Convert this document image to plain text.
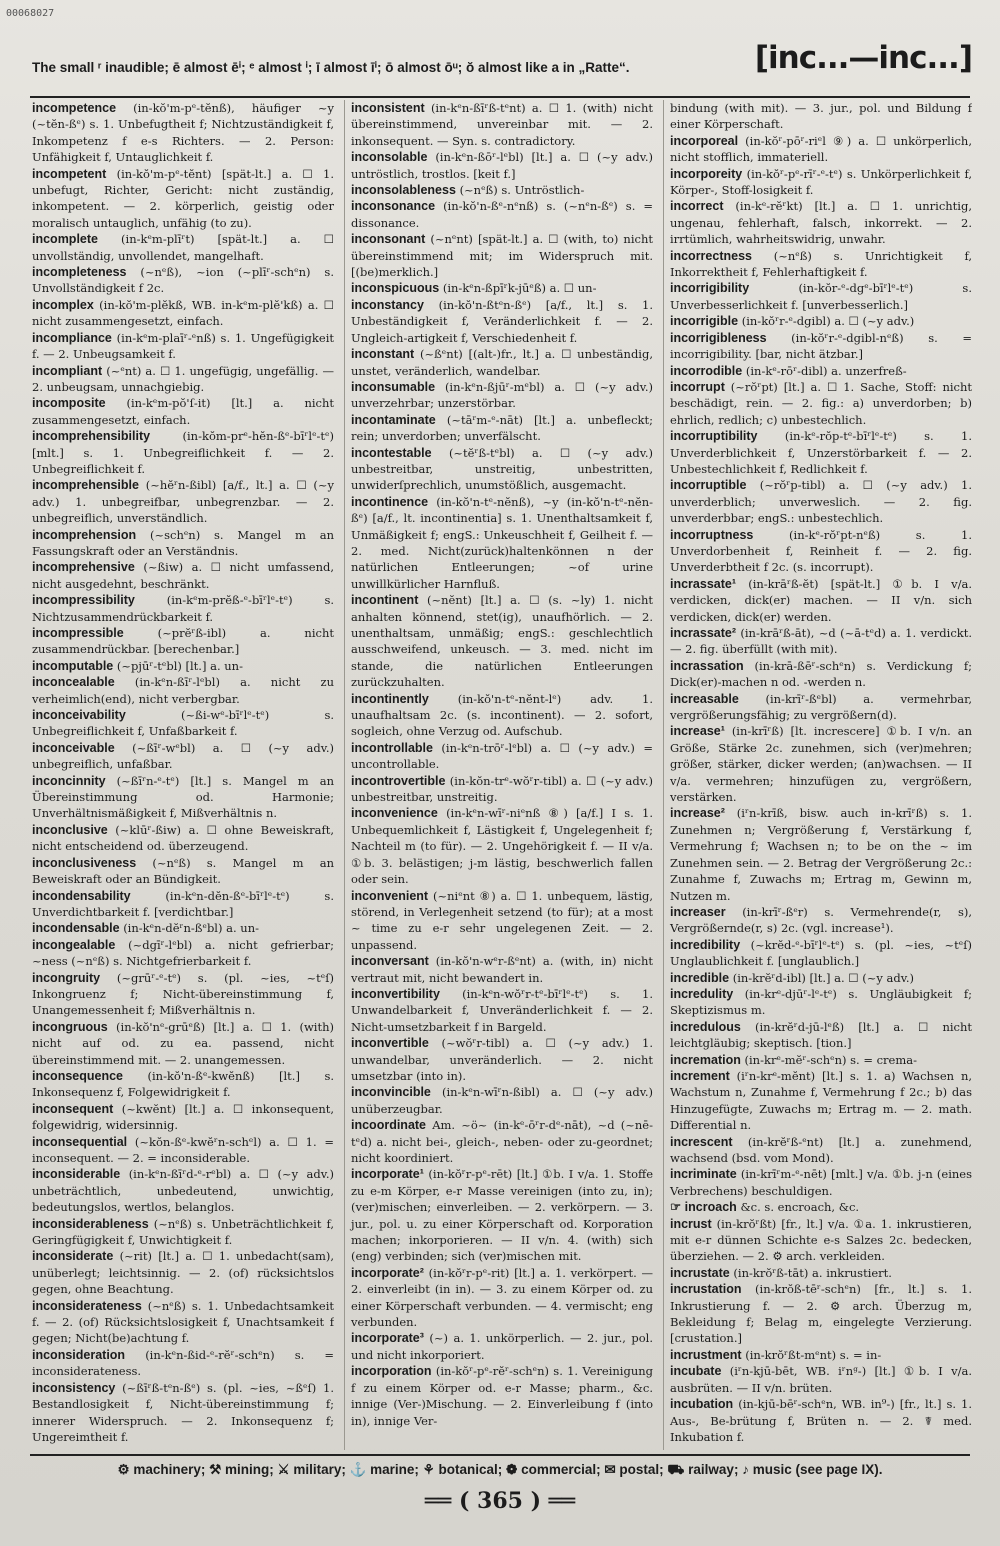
00068027
The small ʳ inaudible; ē almost ēⁱ; ᵉ almost ⁱ; ī almost īⁱ; ō almost ōᵘ; ŏ almost like a in „Ratte“.	[inc...—inc...]

incompetence (in-kŏ'm-pᵉ-tĕnß), häufiger ~y (~tĕn-ßᵉ) s. 1. Unbefugtheit f; Nichtzuständigkeit f, Inkompetenz f e-s Richters. — 2. Person: Unfähigkeit f, Untauglichkeit f.

incompetent (in-kŏ'm-pᵉ-tĕnt) [spät-lt.] a. ☐ 1. unbefugt, Richter, Gericht: nicht zuständig, inkompetent. — 2. körperlich, geistig oder moralisch untauglich, unfähig (to zu).

incomplete (in-kᵉm-plīʳt) [spät-lt.] a. ☐ unvollständig, unvollendet, mangelhaft.

incompleteness (~nᵉß), ~ion (~plīʳ-schᵉn) s. Unvollständigkeit f 2c.

incomplex (in-kŏ'm-plĕkß, WB. in-kᵉm-plĕ'kß) a. ☐ nicht zusammengesetzt, einfach.

incompliance (in-kᵉm-plaīʳ-ᵉnß) s. 1. Ungefügigkeit f. — 2. Unbeugsamkeit f.

incompliant (~ᵉnt) a. ☐ 1. ungefügig, ungefällig. — 2. unbeugsam, unnachgiebig.

incomposite (in-kᵉm-pŏ'ſ-it) [lt.] a. nicht zusammengesetzt, einfach.

incomprehensibility	(in-kŏm-prᵉ-hĕn-ßᵉ-bīʳlᵉ-tᵉ) [mlt.] s. 1. Unbegreiflichkeit f. — 2. Unbegreiflichkeit f.

incomprehensible (~hĕʳn-ßibl) [a/f., lt.] a. ☐ (~y adv.) 1. unbegreifbar, unbegrenzbar. — 2. unbegreiflich, unverständlich.

incomprehension (~schᵉn) s. Mangel m an Fassungskraft oder an Verständnis.

incomprehensive (~ßiw) a. ☐ nicht umfassend, nicht ausgedehnt, beschränkt.

incompressibility	(in-kᵉm-prĕß-ᵉ-bīʳlᵉ-tᵉ) s. Nichtzusammendrückbarkeit f.

incompressible	(~prĕʳß-ibl) a. nicht zusammendrückbar. [berechenbar.]

incomputable (~pjūʳ-tᵉbl) [lt.] a. un-

inconcealable (in-kᵉn-ßīʳ-lᵉbl) a. nicht zu verheimlich(end), nicht verbergbar.

inconceivability	(~ßi-wᵉ-bīʳlᵉ-tᵉ) s. Unbegreiflichkeit f, Unfaßbarkeit f.

inconceivable (~ßīʳ-wᵉbl) a. ☐ (~y adv.) unbegreiflich, unfaßbar.

inconcinnity (~ßīʳn-ᵉ-tᵉ) [lt.] s. Mangel m an Übereinstimmung od. Harmonie; Unverhältnismäßigkeit f, Mißverhältnis n.

inconclusive (~klūʳ-ßiw) a. ☐ ohne Beweiskraft, nicht entscheidend od. überzeugend.

inconclusiveness (~nᵉß) s. Mangel m an Beweiskraft oder an Bündigkeit.

incondensability	(in-kᵉn-dĕn-ßᵉ-bīʳlᵉ-tᵉ) s. Unverdichtbarkeit f. [verdichtbar.]

incondensable (in-kᵉn-dĕʳn-ßᵉbl) a. un-

incongealable (~dgīʳ-lᵉbl) a. nicht gefrierbar; ~ness (~nᵉß) s. Nichtgefrierbarkeit f.

incongruity (~grūʳ-ᵉ-tᵉ) s. (pl. ~ies, ~tᵉſ) Inkongruenz f; Nicht-übereinstimmung f, Unangemessenheit f; Mißverhältnis n.

incongruous (in-kŏ'nᵉ-grūᵉß) [lt.] a. ☐ 1. (with) nicht auf od. zu ea. passend, nicht übereinstimmend mit. — 2. unangemessen.

inconsequence (in-kŏ'n-ßᵉ-kwĕnß) [lt.] s. Inkonsequenz f, Folgewidrigkeit f.

inconsequent (~kwĕnt) [lt.] a. ☐ inkonsequent, folgewidrig, widersinnig.

inconsequential (~kŏn-ßᵉ-kwĕʳn-schᵉl) a. ☐ 1. = inconsequent. — 2. = inconsiderable.

inconsiderable (in-kᵉn-ßīʳd-ᵉ-rᵉbl) a. ☐ (~y adv.) unbeträchtlich, unbedeutend, unwichtig, bedeutungslos, wertlos, belanglos.

inconsiderableness (~nᵉß) s. Unbeträchtlichkeit f, Geringfügigkeit f, Unwichtigkeit f.

inconsiderate (~rit) [lt.] a. ☐ 1. unbedacht(sam), unüberlegt; leichtsinnig. — 2. (of) rücksichtslos gegen, ohne Beachtung.

inconsiderateness (~nᵉß) s. 1. Unbedachtsamkeit f. — 2. (of) Rücksichtslosigkeit f, Unachtsamkeit f gegen; Nicht(be)achtung f.

inconsideration (in-kᵉn-ßid-ᵉ-rĕʳ-schᵉn) s. = inconsiderateness.

inconsistency (~ßīʳß-tᵉn-ßᵉ) s. (pl. ~ies, ~ßᵉſ) 1. Bestandlosigkeit f, Nicht-übereinstimmung f; innerer Widerspruch. — 2. Inkonsequenz f; Ungereimtheit f.

inconsistent (in-kᵉn-ßīʳß-tᵉnt) a. ☐ 1. (with) nicht übereinstimmend, unvereinbar mit. — 2. inkonsequent. — Syn. s. contradictory.

inconsolable (in-kᵉn-ßōʳ-lᵉbl) [lt.] a. ☐ (~y adv.) untröstlich, trostlos. [keit f.]

inconsolableness (~nᵉß) s. Untröstlich-

inconsonance (in-kŏ'n-ßᵉ-nᵉnß) s. (~nᵉn-ßᵉ) s. = dissonance.

inconsonant (~nᵉnt) [spät-lt.] a. ☐ (with, to) nicht übereinstimmend mit; im Widerspruch mit. [(be)merklich.]

inconspicuous (in-kᵉn-ßpīʳk-jūᵉß) a. ☐ un-

inconstancy (in-kŏ'n-ßtᵉn-ßᵉ) [a/f., lt.] s. 1. Unbeständigkeit f, Veränderlichkeit f. — 2. Ungleich-artigkeit f, Verschiedenheit f.

inconstant (~ßᵉnt) [(alt-)fr., lt.] a. ☐ unbeständig, unstet, veränderlich, wandelbar.

inconsumable (in-kᵉn-ßjūʳ-mᵉbl) a. ☐ (~y adv.) unverzehrbar; unzerstörbar.

incontaminate (~tāʳm-ᵉ-nāt) [lt.] a. unbefleckt; rein; unverdorben; unverfälscht.

incontestable (~tĕʳß-tᵉbl) a. ☐ (~y adv.) unbestreitbar, unstreitig, unbestritten, unwiderſprechlich, unumstößlich, ausgemacht.

incontinence (in-kŏ'n-tᵉ-nĕnß), ~y (in-kŏ'n-tᵉ-nĕn-ßᵉ) [a/f., lt. incontinentia] s. 1. Unenthaltsamkeit f, Unmäßigkeit f; engS.: Unkeuschheit f, Geilheit f. — 2. med. Nicht(zurück)haltenkönnen n der natürlichen Entleerungen; ~of urine unwillkürlicher Harnfluß.

incontinent (~nĕnt) [lt.] a. ☐ (s. ~ly) 1. nicht anhalten könnend, stet(ig), unaufhörlich. — 2. unenthaltsam, unmäßig; engS.: geschlechtlich ausschweifend, unkeusch. — 3. med. nicht im stande, die natürlichen Entleerungen zurückzuhalten.

incontinently	(in-kŏ'n-tᵉ-nĕnt-lᵉ) adv. 1. unaufhaltsam 2c. (s. incontinent). — 2. sofort, sogleich, ohne Verzug od. Aufschub.

incontrollable (in-kᵉn-trōʳ-lᵉbl) a. ☐ (~y adv.) = uncontrollable.

incontrovertible (in-kŏn-trᵉ-wŏʳr-tibl) a. ☐ (~y adv.) unbestreitbar, unstreitig.

inconvenience (in-kᵉn-wīʳ-niᵉnß ⑧) [a/f.] I s. 1. Unbequemlichkeit f, Lästigkeit f, Ungelegenheit f; Nachteil m (to für). — 2. Ungehörigkeit f. — II v/a. ①b. 3. belästigen; j-m lästig, beschwerlich fallen oder sein.

inconvenient (~niᵉnt ⑧) a. ☐ 1. unbequem, lästig, störend, in Verlegenheit setzend (to für); at a most ~ time zu e-r sehr ungelegenen Zeit. — 2. unpassend.

inconversant (in-kŏ'n-wᵉr-ßᵉnt) a. (with, in) nicht vertraut mit, nicht bewandert in.

inconvertibility (in-kᵉn-wŏʳr-tᵉ-bīʳlᵉ-tᵉ) s. 1. Unwandelbarkeit f, Unveränderlichkeit f. — 2. Nicht-umsetzbarkeit f in Bargeld.

inconvertible (~wŏʳr-tibl) a. ☐ (~y adv.) 1. unwandelbar, unveränderlich. — 2. nicht umsetzbar (into in).

inconvincible (in-kᵉn-wīʳn-ßibl) a. ☐ (~y adv.) unüberzeugbar.

incoordinate Am. ~ö~ (in-kᵉ-ōʳr-dᵉ-nāt), ~d (~nē-tᵉd) a. nicht bei-, gleich-, neben- oder zu-geordnet; nicht koordiniert.

incorporate¹ (in-kŏʳr-pᵉ-rēt) [lt.] ①b. I v/a. 1. Stoffe zu e-m Körper, e-r Masse vereinigen (into zu, in); (ver)mischen; einverleiben. — 2. verkörpern. — 3. jur., pol. u. zu einer Körperschaft od. Korporation machen; inkorporieren. — II v/n. 4. (with) sich (eng) verbinden; sich (ver)mischen mit.

incorporate² (in-kŏʳr-pᵉ-rit) [lt.] a. 1. verkörpert. — 2. einverleibt (in in). — 3. zu einem Körper od. zu einer Körperschaft verbunden. — 4. vermischt; eng verbunden.

incorporate³ (~) a. 1. unkörperlich. — 2. jur., pol. und nicht inkorporiert.

incorporation (in-kŏʳ-pᵉ-rĕʳ-schᵉn) s. 1. Vereinigung f zu einem Körper od. e-r Masse; pharm., &c. innige (Ver-)Mischung. — 2. Einverleibung f (into in), innige Ver-

bindung (with mit). — 3. jur., pol. und Bildung f einer Körperschaft.

incorporeal (in-kŏʳ-pōʳ-riᵉl ⑨) a. ☐ unkörperlich, nicht stofflich, immateriell.

incorporeity (in-kŏʳ-pᵉ-rīʳ-ᵉ-tᵉ) s. Unkörperlichkeit f, Körper-, Stoff-losigkeit f.

incorrect (in-kᵉ-rĕʳkt) [lt.] a. ☐ 1. unrichtig, ungenau, fehlerhaft, falsch, inkorrekt. — 2. irrtümlich, wahrheitswidrig, unwahr.

incorrectness (~nᵉß) s. Unrichtigkeit f, Inkorrektheit f, Fehlerhaftigkeit f.

incorrigibility	(in-kŏr-ᵉ-dgᵉ-bīʳlᵉ-tᵉ) s. Unverbesserlichkeit f. [unverbesserlich.]

incorrigible (in-kŏʳr-ᵉ-dgibl) a. ☐ (~y adv.)

incorrigibleness (in-kŏʳr-ᵉ-dgibl-nᵉß) s. = incorrigibility. [bar, nicht ätzbar.]

incorrodible (in-kᵉ-rōʳ-dibl) a. unzerfreß-

incorrupt (~rŏʳpt) [lt.] a. ☐ 1. Sache, Stoff: nicht beschädigt, rein. — 2. fig.: a) unverdorben; b) ehrlich, redlich; c) unbestechlich.

incorruptibility (in-kᵉ-rŏp-tᵉ-bīʳlᵉ-tᵉ) s. 1. Unverderblichkeit f, Unzerstörbarkeit f. — 2. Unbestechlichkeit f, Redlichkeit f.

incorruptible (~rŏʳp-tibl) a. ☐ (~y adv.) 1. unverderblich; unverweslich. — 2. fig. unverderbbar; engS.: unbestechlich.

incorruptness	(in-kᵉ-rŏʳpt-nᵉß) s. 1. Unverdorbenheit f, Reinheit f. — 2. fig. Unverderbtheit f 2c. (s. incorrupt).

incrassate¹ (in-krāʳß-ĕt) [spät-lt.] ①b. I v/a. verdicken, dick(er) machen. — II v/n. sich verdicken, dick(er) werden.

incrassate² (in-krāʳß-āt), ~d (~ā-tᵉd) a. 1. verdickt. — 2. fig. überfüllt (with mit).

incrassation (in-krā-ßēʳ-schᵉn) s. Verdickung f; Dick(er)-machen n od. -werden n.

increasable (in-krīʳ-ßᵉbl) a. vermehrbar, vergrößerungsfähig; zu vergrößern(d).

increase¹ (in-krīʳß) [lt. increscere] ①b. I v/n. an Größe, Stärke 2c. zunehmen, sich (ver)mehren; größer, stärker, dicker werden; (an)wachsen. — II v/a. vermehren; hinzufügen zu, vergrößern, verstärken.

increase² (iʳn-krīß, bisw. auch in-krīʳß) s. 1. Zunehmen n; Vergrößerung f, Verstärkung f, Vermehrung f; Wachsen n; to be on the ~ im Zunehmen sein. — 2. Betrag der Vergrößerung 2c.: Zunahme f, Zuwachs m; Ertrag m, Gewinn m, Nutzen m.

increaser (in-krīʳ-ßᵉr) s. Vermehrende(r, s), Vergrößernde(r, s) 2c. (vgl. increase¹).

incredibility (~krĕd-ᵉ-bīʳlᵉ-tᵉ) s. (pl. ~ies, ~tᵉſ) Unglaublichkeit f. [unglaublich.]

incredible (in-krĕʳd-ibl) [lt.] a. ☐ (~y adv.)

incredulity (in-krᵉ-djūʳ-lᵉ-tᵉ) s. Ungläubigkeit f; Skeptizismus m.

incredulous (in-krĕʳd-jū-lᵉß) [lt.] a. ☐ nicht leichtgläubig; skeptisch. [tion.]

incremation (in-krᵉ-mĕʳ-schᵉn) s. = crema-

increment (iʳn-krᵉ-mĕnt) [lt.] s. 1. a) Wachsen n, Wachstum n, Zunahme f, Vermehrung f 2c.; b) das Hinzugefügte, Zuwachs m; Ertrag m. — 2. math. Differential n.

increscent (in-krĕʳß-ᵉnt) [lt.] a. zunehmend, wachsend (bsd. vom Mond).

incriminate (in-krīʳm-ᵉ-nēt) [mlt.] v/a. ①b. j-n (eines Verbrechens) beschuldigen.

☞ incroach &c. s. encroach, &c.

incrust (in-krŏʳßt) [fr., lt.] v/a. ①a. 1. inkrustieren, mit e-r dünnen Schichte e-s Salzes 2c. bedecken, überziehen. — 2. ⚙ arch. verkleiden.

incrustate (in-krŏʳß-tāt) a. inkrustiert.

incrustation (in-krŏß-tēʳ-schᵉn) [fr., lt.] s. 1. Inkrustierung f. — 2. ⚙ arch. Überzug m, Bekleidung f; Belag m, eingelegte Verzierung. [crustation.]

incrustment (in-krŏʳßt-mᵉnt) s. = in-

incubate (iʳn-kjū-bēt, WB. iʳnᵍ-) [lt.] ①b. I v/a. ausbrüten. — II v/n. brüten.

incubation (in-kjū-bēʳ-schᵉn, WB. in⁹-) [fr., lt.] s. 1. Aus-, Be-brütung f, Brüten n. — 2. ☤ med. Inkubation f.

⚙ machinery; ⚒ mining; ⚔ military; ⚓ marine; ⚘ botanical; ❁ commercial; ✉ postal; ⛟ railway; ♪ music (see page IX).
══ ( 365 ) ══
